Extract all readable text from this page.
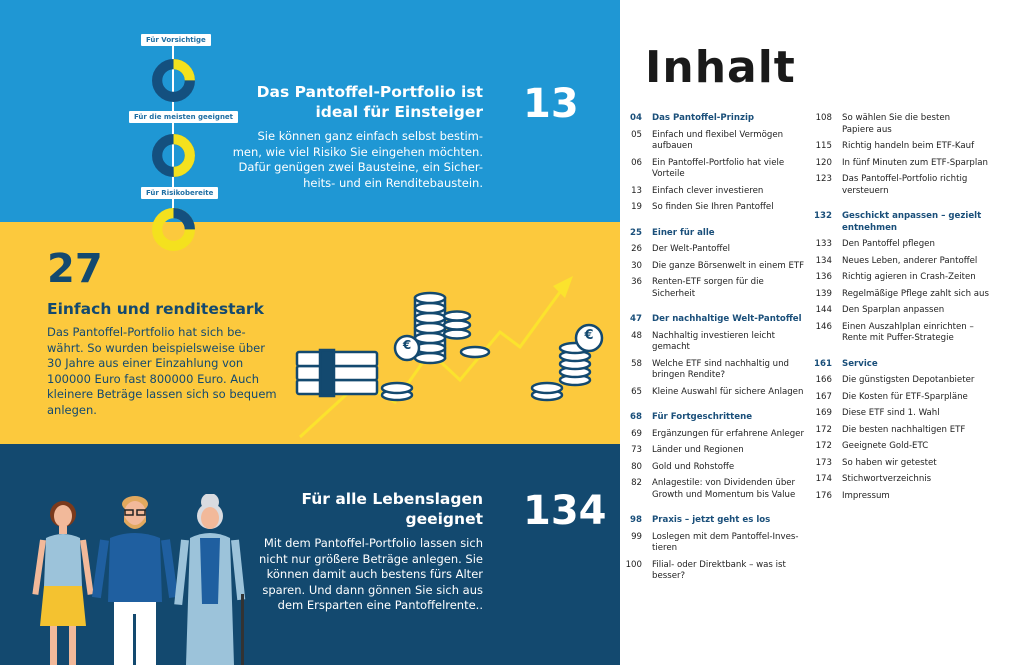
Für Vorsichtige
Für die meisten geeignet
Für Risikobereite
Das Pantoffel-Portfolio ist
ideal für Einsteiger
Sie können ganz einfach selbst bestim-
men, wie viel Risiko Sie eingehen möchten.
Dafür genügen zwei Bausteine, ein Sicher-
heits- und ein Renditebaustein.
13
27
Einfach und renditestark
Das Pantoffel-Portfolio hat sich be-
währt. So wurden beispielsweise über
30 Jahre aus einer Einzahlung von
100000 Euro fast 800000 Euro. Auch
kleinere Beträge lassen sich so bequem
anlegen.
€
€
Für alle Lebenslagen
geeignet
Mit dem Pantoffel-Portfolio lassen sich
nicht nur größere Beträge anlegen. Sie
können damit auch bestens fürs Alter
sparen. Und dann gönnen Sie sich aus
dem Ersparten eine Pantoffelrente..
134
Inhalt
04	Das Pantoffel-Prinzip
05	Einfach und flexibel Vermögen
aufbauen
06	Ein Pantoffel-Portfolio hat viele
Vorteile
13	Einfach clever investieren
19	So finden Sie Ihren Pantoffel
25	Einer für alle
26	Der Welt-Pantoffel
30	Die ganze Börsenwelt in einem ETF
36	Renten-ETF sorgen für die
Sicherheit
47	Der nachhaltige Welt-Pantoffel
48	Nachhaltig investieren leicht
gemacht
58	Welche ETF sind nachhaltig und
bringen Rendite?
65	Kleine Auswahl für sichere Anlagen
68	Für Fortgeschrittene
69	Ergänzungen für erfahrene Anleger
73	Länder und Regionen
80	Gold und Rohstoffe
82	Anlagestile: von Dividenden über
Growth und Momentum bis Value
98	Praxis – jetzt geht es los
99	Loslegen mit dem Pantoffel-Inves-
tieren
100	Filial- oder Direktbank – was ist
besser?
108	So wählen Sie die besten
Papiere aus
115	Richtig handeln beim ETF-Kauf
120	In fünf Minuten zum ETF-Sparplan
123	Das Pantoffel-Portfolio richtig
versteuern
132	Geschickt anpassen – gezielt
entnehmen
133	Den Pantoffel pflegen
134	Neues Leben, anderer Pantoffel
136	Richtig agieren in Crash-Zeiten
139	Regelmäßige Pflege zahlt sich aus
144	Den Sparplan anpassen
146	Einen Auszahlplan einrichten –
Rente mit Puffer-Strategie
161	Service
166	Die günstigsten Depotanbieter
167	Die Kosten für ETF-Sparpläne
169	Diese ETF sind 1. Wahl
172	Die besten nachhaltigen ETF
172	Geeignete Gold-ETC
173	So haben wir getestet
174	Stichwortverzeichnis
176	Impressum
